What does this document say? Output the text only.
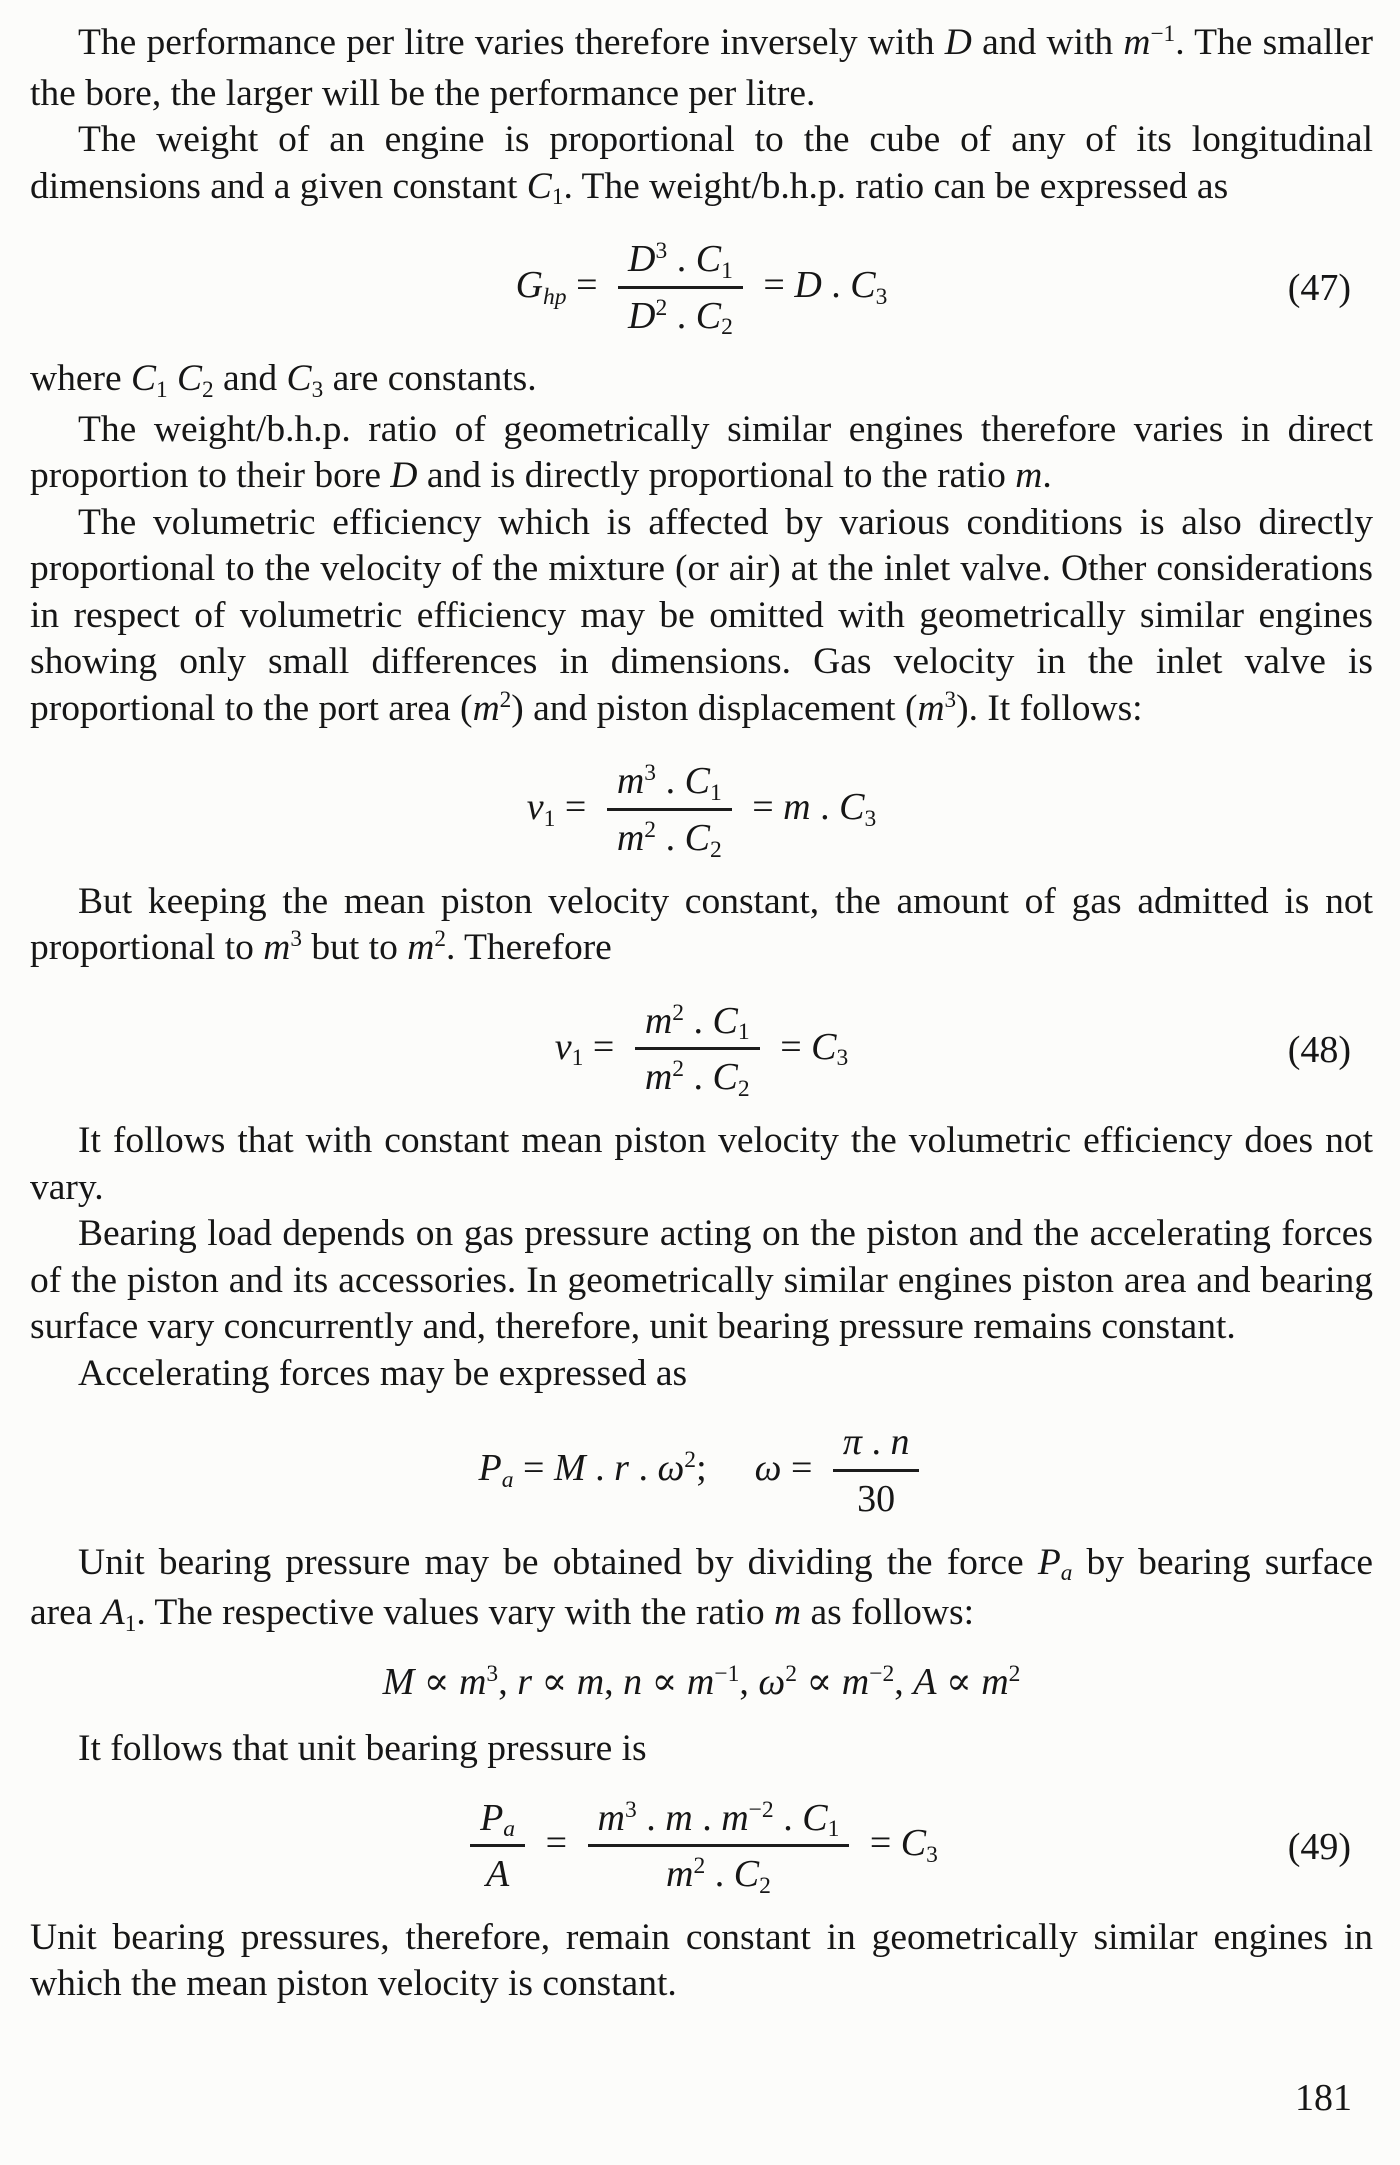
The performance per litre varies therefore inversely with D and with $m^{-1}$. The smaller the bore, the larger will be the performance per litre.

The weight of an engine is proportional to the cube of any of its longitudinal dimensions and a given constant C1. The weight/b.h.p. ratio can be expressed as

Ghp = $\frac{D^3 . C1}{D^2 . C2} = D$ . C3	(47)

where C1 C2 and C3 are constants.

The weight/b.h.p. ratio of geometrically similar engines therefore varies in direct proportion to their bore D and is directly proportional to the ratio m.

The volumetric efficiency which is affected by various conditions is also directly proportional to the velocity of the mixture (or air) at the inlet valve. Other considerations in respect of volumetric efficiency may be omitted with geometrically similar engines showing only small differences in dimensions. Gas velocity in the inlet valve is proportional to the port area $(m^2)$ and piston displacement $(m^3)$. It follows:

$v1 = \frac{m^3 . C1}{m^2 . C2} = m$ . C3

But keeping the mean piston velocity constant, the amount of gas admitted is not proportional to $m^3$ but to $m^2$. Therefore

$v1 = \frac{m^2 . C1}{m^2 . C2} = C3$	(48)

It follows that with constant mean piston velocity the volumetric efficiency does not vary.

Bearing load depends on gas pressure acting on the piston and the accelerating forces of the piston and its accessories. In geometrically similar engines piston area and bearing surface vary concurrently and, therefore, unit bearing pressure remains constant.

Accelerating forces may be expressed as

Pa = M . r . $\omega^2$; $\omega = \frac{\pi . n}{30}$

Unit bearing pressure may be obtained by dividing the force Pa by bearing surface area A1. The respective values vary with the ratio m as follows:

$M \propto m^3$, r ∝ m, $n \propto m^{-1}$, $\omega^2 \propto m^{-2}$, $A \propto m^2$

It follows that unit bearing pressure is

$\frac{Pa}{A} = \frac{m^3 . m . m^{-2} . C1}{m^2 . C2} = C3$	(49)

Unit bearing pressures, therefore, remain constant in geometrically similar engines in which the mean piston velocity is constant.

181
